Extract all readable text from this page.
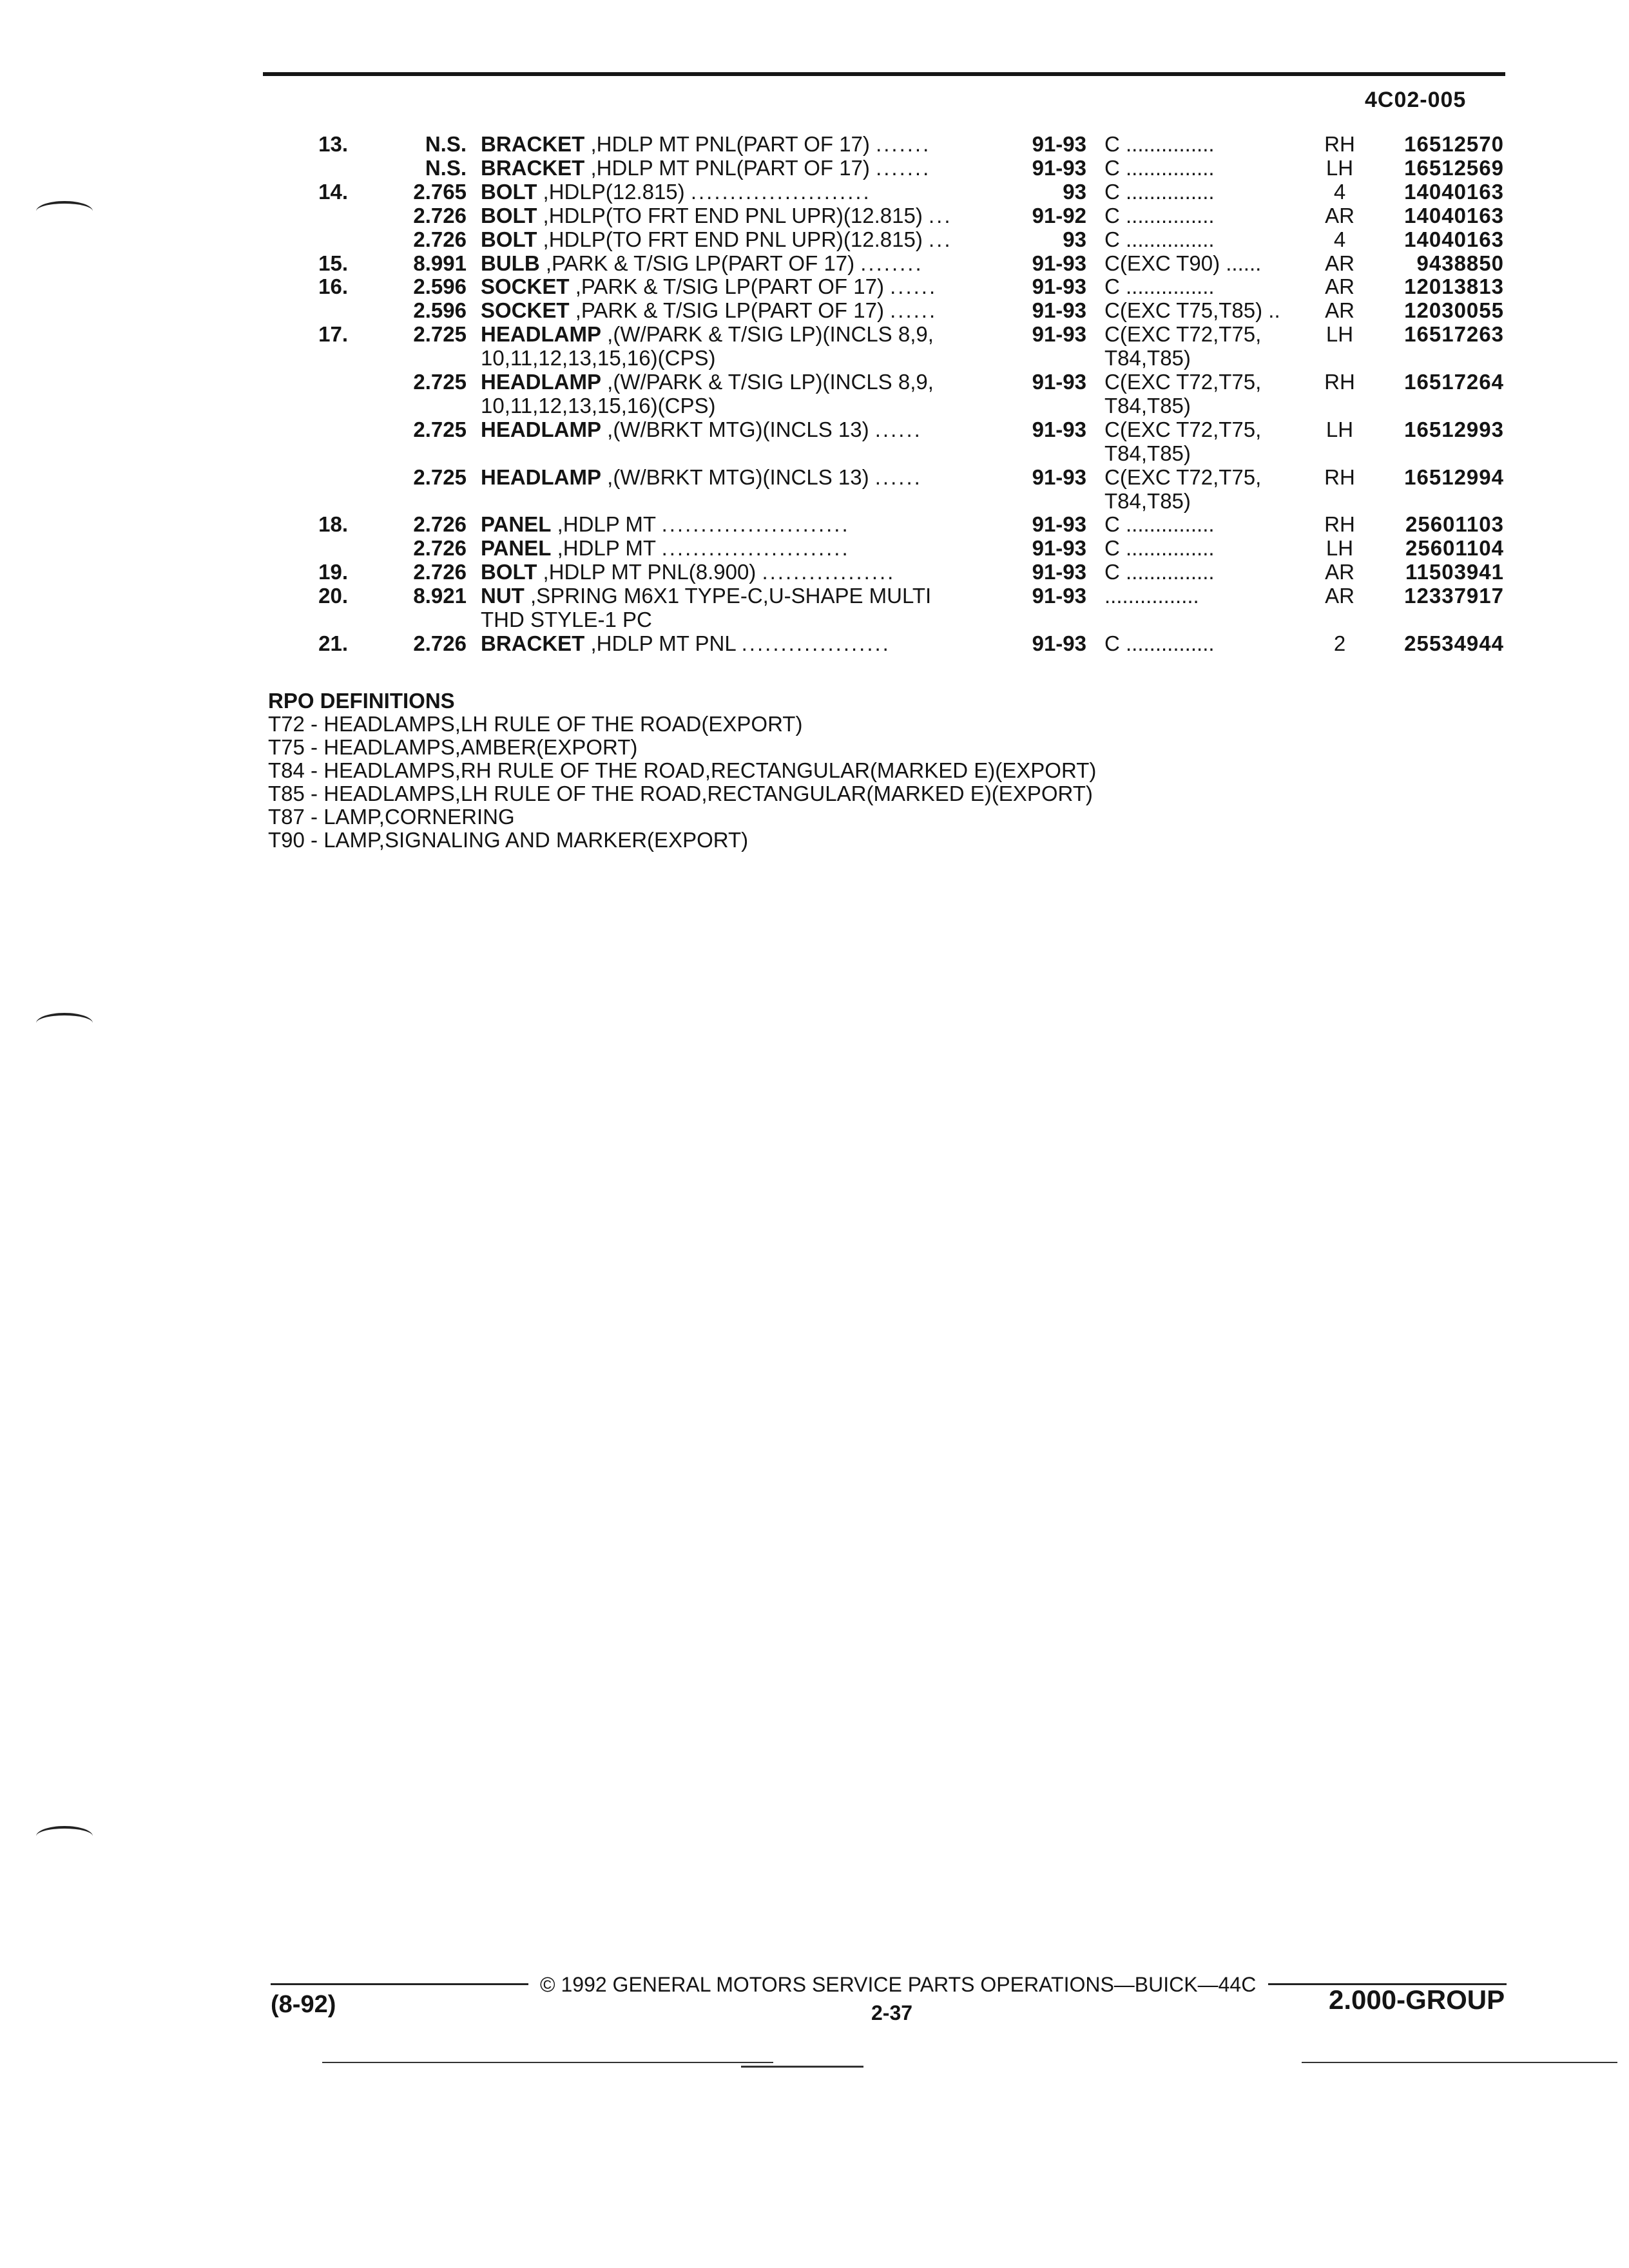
4C02-005
13.	N.S. BRACKET ,HDLP MT PNL(PART OF 17) .......	91-93 C ...............	RH	16512570
N.S. BRACKET ,HDLP MT PNL(PART OF 17) .......	91-93 C ...............	LH	16512569
14.	2.765 BOLT ,HDLP(12.815) .......................	93 C ...............	4	14040163
2.726 BOLT ,HDLP(TO FRT END PNL UPR)(12.815) ...	91-92 C ...............	AR	14040163
2.726 BOLT ,HDLP(TO FRT END PNL UPR)(12.815) ...	93 C ...............	4	14040163
15.	8.991 BULB ,PARK & T/SIG LP(PART OF 17) ........	91-93 C(EXC T90) ......	AR	9438850
16.	2.596 SOCKET ,PARK & T/SIG LP(PART OF 17) ......	91-93 C ...............	AR	12013813
2.596 SOCKET ,PARK & T/SIG LP(PART OF 17) ......	91-93 C(EXC T75,T85) ..	AR	12030055
17.	2.725 HEADLAMP ,(W/PARK & T/SIG LP)(INCLS 8,9,	91-93 C(EXC T72,T75,	LH	16517263
10,11,12,13,15,16)(CPS)	T84,T85)
2.725 HEADLAMP ,(W/PARK & T/SIG LP)(INCLS 8,9,	91-93 C(EXC T72,T75,	RH	16517264
10,11,12,13,15,16)(CPS)	T84,T85)
2.725 HEADLAMP ,(W/BRKT MTG)(INCLS 13) ......	91-93 C(EXC T72,T75,	LH	16512993
T84,T85)
2.725 HEADLAMP ,(W/BRKT MTG)(INCLS 13) ......	91-93 C(EXC T72,T75,	RH	16512994
T84,T85)
18.	2.726 PANEL ,HDLP MT ........................	91-93 C ...............	RH	25601103
2.726 PANEL ,HDLP MT ........................	91-93 C ...............	LH	25601104
19.	2.726 BOLT ,HDLP MT PNL(8.900) .................	91-93 C ...............	AR	11503941
20.	8.921 NUT ,SPRING M6X1 TYPE-C,U-SHAPE MULTI	91-93 ................	AR	12337917
THD STYLE-1 PC
21.	2.726 BRACKET ,HDLP MT PNL ...................	91-93 C ...............	2	25534944
RPO DEFINITIONS
T72 - HEADLAMPS,LH RULE OF THE ROAD(EXPORT)
T75 - HEADLAMPS,AMBER(EXPORT)
T84 - HEADLAMPS,RH RULE OF THE ROAD,RECTANGULAR(MARKED E)(EXPORT)
T85 - HEADLAMPS,LH RULE OF THE ROAD,RECTANGULAR(MARKED E)(EXPORT)
T87 - LAMP,CORNERING
T90 - LAMP,SIGNALING AND MARKER(EXPORT)
(8-92)
© 1992 GENERAL MOTORS SERVICE PARTS OPERATIONS—BUICK—44C
2-37	2.000-GROUP
